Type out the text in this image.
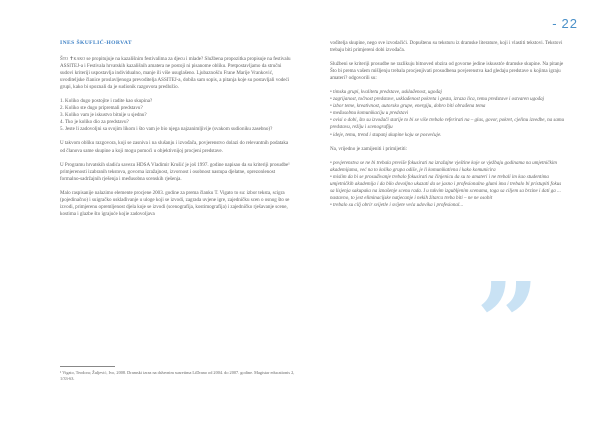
- 22
INES ŠKUFLIĆ-HORVAT

Što ✝kako se propitujuje na kazališnim festivalima za djecu i mlade? Službena propozitka propisuje na festivalu ASSITEJ-a i Festivala hrvatskih kazališnih amatera ne postoji ni pisanome obliku. Pretpostavljamo da stručni sudovi kriteriji uspostavlja individualno, manje ili više usuglašeno. Ljubaznošću Frane Marije Vranković, uvoditeljske članice proslavljenoga prevoditelja ASSITEJ-a, dobila sam sopis, a pitanja koje su postavljali vodeći grupi, kako bi spoznali da je sudionik razgovora predložio.

1. Koliko dugo postojite i radite kao skupina?
2. Koliko ste dugo pripremali predstavu?
3. Koliko vam je iskustvo bitnije u sjednu?
4. Tko je koliko dio za predstavu?
5. Jeste li zadovoljni sa svojim likom i što vam je bio njega najzanimljivije (svakom sudioniku zasebno)?

U takvom obliku razgovora, koji se zasniva i na slušanju i izvođača, povjerenstvo dolazi do relevantnih podataka od članova same skupine a koji mogu pomoći u objektivnijoj procjeni predstave.

U Programu hrvatskih sladića savezu HDSA Vladimir Krušić je još 1997. godine napisao da su kriteriji prosudbe¹ primjerenosti izabranih tekstova, govorna izražajnost, izvornost i osobnost nastupa djelatne, oprezonlenost formalno-sadržajnih rješenja i međusobna scenskih rješenja.

Malo raspisanije nalazimo elemente procjene 2003. godine za prema članku T. Vigato to su: izbor teksta, scigra (pojedinačno) i suigračko usklađivanje u uloge koji se izvodi, zagrada uvjene igre, zajedničku scen o osnog što se izvodi, primjerenu opremljenost djela koje se izvodi (scenografija, kostimografija) i zajedničko rješavanje scene, kostima i glazbe što igrajuće kojie zadovoljava

¹ Vigato, Teodora; Žuljević, Ivo, 2008. Dramski izraz na državnim susretima LiDrano od 2004. do 2007. godine. Magistar educationis 2, 1/33-63.

vođitelja skupine, nego sve izvodačići. Dopuštenu su teksturu iz dramske literature, koji i vlastiti tekstovi. Tekstovi trebaju biti primjereni dobi izvođača.

Službeni se kriteriji prosudbe ne razlikuju bitnoved obzira od govorne jedine iskusstće dramske skupine. Na pitanje Što bi prema vašem mišljenju trebala procjenjivati prosudbena povjerenstva kad gledaju predstave u kojima igraju amateri? odgovorili su:

• timsku grupi, kvalitetu predstave, usklađenost, ugođaj
• zagrijanost, točnost predstave, usklađenost pokreta i gesta, izraza lica, temu predstave i ostvaren ugođaj
• izbor teme, kreativnost, autorsko grupe, energiju, dobro biti obrađena tema
• međusobnu komunikaciju u predstavi
• ovisi o dobi, što su izvođači starije to bi se više trebalo referirati na – glas, govor, pokret, cjelinu izvedbe, na samu predstavu, režiju i scenografiju
• ideje, temu, trend i stupanj skupine koju se posvećuje.

Na, vrijedno je zamijeniti i primijetiti:

• povjerenstva se ne bi trebala previše fokusirati na izražajne vještine koje se vježbaju godinama na umjetničkim akademijama, već na to koliko grupa odiše, je li komunikativna i kako komunicira
• mislim da bi se prosuđivanje trebalo fokusirati na činjenicu da su to amateri i ne trebali im kao studentima umjetničkih akademija i da bilo dovoljno ukazati da se jasno i profesionalno glumi ima i trebalo bi pristupiti fokus sa lisjenja sakupaka na iznašenje scenu rada. I u takvim izgubljenim scenama, toga sa ciljem sa brzine i dati ga ... nastavno, to jest eliminacijske natjecanje i nekih žitarca treba biti – ne ne osobit
• trebalo su cilj obrir svijetle i svijete veća udovika i profesional...
”
